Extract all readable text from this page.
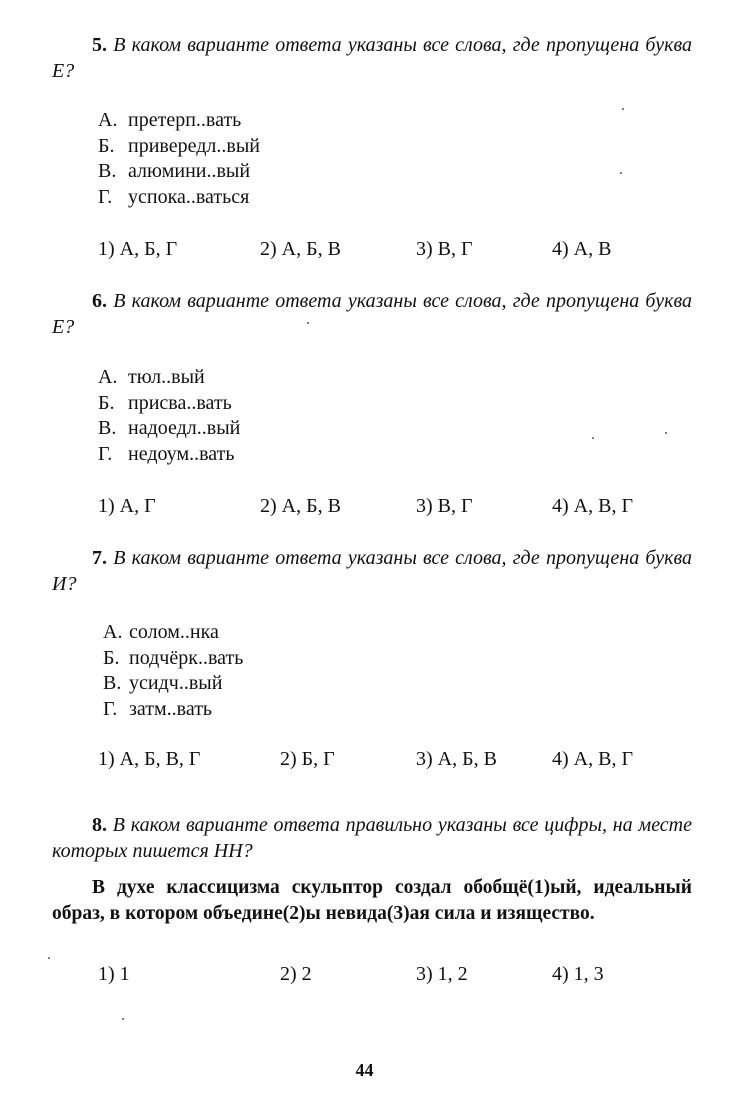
5. В каком варианте ответа указаны все слова, где пропущена буква Е?
А. претерп..вать
Б. привередл..вый
В. алюмини..вый
Г. успока..ваться
1) А, Б, Г	2) А, Б, В	3) В, Г	4) А, В
6. В каком варианте ответа указаны все слова, где пропущена буква Е?
А. тюл..вый
Б. присва..вать
В. надоедл..вый
Г. недоум..вать
1) А, Г	2) А, Б, В	3) В, Г	4) А, В, Г
7. В каком варианте ответа указаны все слова, где пропущена буква И?
А. солом..нка
Б. подчёрк..вать
В. усидч..вый
Г. затм..вать
1) А, Б, В, Г	2) Б, Г	3) А, Б, В	4) А, В, Г
8. В каком варианте ответа правильно указаны все цифры, на месте которых пишется НН?
В духе классицизма скульптор создал обобщё(1)ый, идеальный образ, в котором объедине(2)ы невида(3)ая сила и изящество.
1) 1	2) 2	3) 1, 2	4) 1, 3
44
